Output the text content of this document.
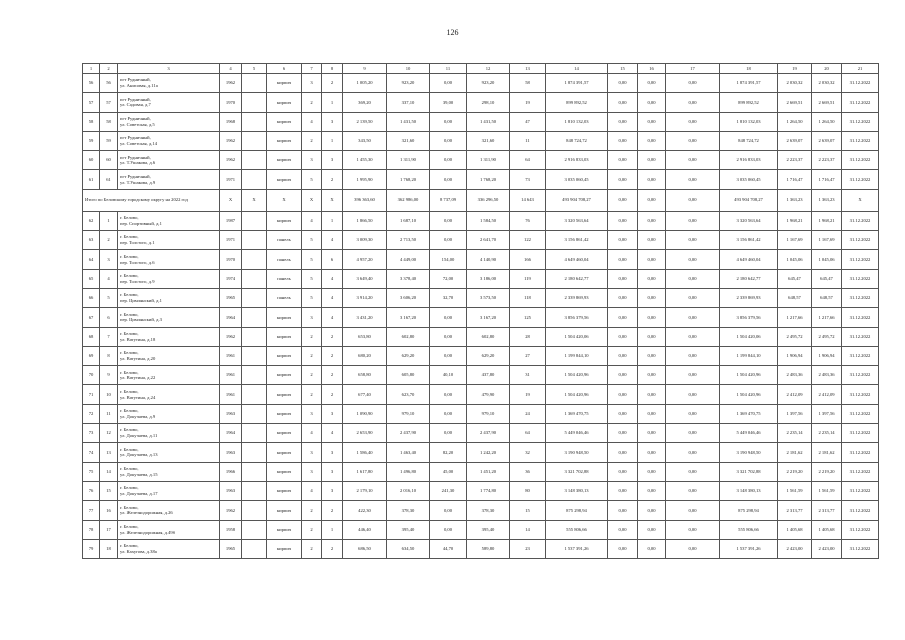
126
1	2	3	4	5	6	7	8	9	10	11	12	13	14	15	16	17	18	19	20	21
56	56	пгт Рудничный,
ул. Анисовая, д.11а	1962		кирпич	3	2	1 005,20	923,20	0,00	923,20	58	1 874 391,57	0,00	0,00	0,00	1 874 391,57	2 030,32	2 030,32	31.12.2022
57	57	пгт Рудничный,
ул. Садовая, д.7	1970		кирпич	2	1	369,20	337,10	39,00	298,10	19	899 892,52	0,00	0,00	0,00	899 892,52	2 669,51	2 669,51	31.12.2022
58	58	пгт Рудничный,
ул. Советская, д.5	1968		кирпич	4	3	2 139,50	1 431,50	0,00	1 431,50	47	1 810 132,03	0,00	0,00	0,00	1 810 132,03	1 264,50	1 264,50	31.12.2022
59	59	пгт Рудничный,
ул. Советская, д.14	1962		кирпич	2	1	343,50	321,60	0,00	321,60	11	848 724,72	0,00	0,00	0,00	848 724,72	2 639,07	2 639,07	31.12.2022
60	60	пгт Рудничный,
ул. Т.Ушакова, д.6	1962		кирпич	3	3	1 455,30	1 311,90	0,00	1 311,90	64	2 916 833,03	0,00	0,00	0,00	2 916 833,03	2 223,37	2 223,37	31.12.2022
61	61	пгт Рудничный,
ул. Т.Ушакова, д.9	1971		кирпич	5	2	1 995,90	1 768,20	0,00	1 768,20	73	3 035 060,45	0,00	0,00	0,00	3 035 060,45	1 716,47	1 716,47	31.12.2022
Итого по Беловскому городскому округу на 2022 год			X	X	X	X	X	396 363,60	362 986,00	8 737,09	336 296,50	14 643	493 904 708,27	0,00	0,00	0,00	493 904 708,27	1 363,23	1 363,23	X
62	1	г. Белово,
пер. Спортивный, д.1	1987		кирпич	4	1	1 866,50	1 687,10	0,00	1 584,50	76	3 320 563,64	0,00	0,00	0,00	3 320 563,64	1 968,21	1 968,21	31.12.2022
63	2	г. Белово,
пер. Толстого, д.1	1971		панель	5	4	3 009,30	2 713,50	0,00	2 641,70	122	3 156 861,42	0,00	0,00	0,00	3 156 861,42	1 167,69	1 167,69	31.12.2022
64	3	г. Белово,
пер. Толстого, д.6	1970		панель	5	6	4 957,20	4 449,00	154,00	4 140,90	166	4 649 460,04	0,00	0,00	0,00	4 649 460,04	1 045,06	1 045,06	31.12.2022
65	4	г. Белово,
пер. Толстого, д.9	1974		панель	5	4	3 649,40	3 378,40	72,00	3 186,00	119	2 180 642,77	0,00	0,00	0,00	2 180 642,77	645,47	645,47	31.12.2022
66	5	г. Белово,
пер. Цимлянский, д.1	1965		панель	5	4	3 914,20	3 606,20	32,70	3 573,50	118	2 339 869,93	0,00	0,00	0,00	2 339 869,93	648,57	648,57	31.12.2022
67	6	г. Белово,
пер. Цимлянский, д.3	1964		кирпич	3	4	3 431,20	3 167,20	0,00	3 167,20	125	3 856 379,56	0,00	0,00	0,00	3 856 379,56	1 217,66	1 217,66	31.12.2022
68	7	г. Белово,
ул. Ватутина, д.18	1962		кирпич	2	2	653,80	602,80	0,00	602,80	28	1 504 420,06	0,00	0,00	0,00	1 504 420,06	2 495,72	2 495,72	31.12.2022
69	8	г. Белово,
ул. Ватутина, д.20	1961		кирпич	2	2	680,20	629,20	0,00	629,20	27	1 199 844,10	0,00	0,00	0,00	1 199 844,10	1 906,94	1 906,94	31.12.2022
70	9	г. Белово,
ул. Ватутина, д.22	1961		кирпич	2	2	658,80	605,80	40,10	437,80	31	1 504 420,96	0,00	0,00	0,00	1 504 420,96	2 483,36	2 483,36	31.12.2022
71	10	г. Белово,
ул. Ватутина, д.24	1961		кирпич	2	2	677,40	623,70	0,00	479,90	19	1 504 420,96	0,00	0,00	0,00	1 504 420,96	2 412,09	2 412,09	31.12.2022
72	11	г. Белово,
ул. Докучаева, д.9	1963		кирпич	3	3	1 090,90	979,10	0,00	979,10	24	1 369 470,75	0,00	0,00	0,00	1 369 470,75	1 397,56	1 397,56	31.12.2022
73	12	г. Белово,
ул. Докучаева, д.11	1964		кирпич	4	4	2 653,90	2 437,90	0,00	2 437,90	64	5 449 046,46	0,00	0,00	0,00	5 449 046,46	2 235,14	2 235,14	31.12.2022
74	13	г. Белово,
ул. Докучаева, д.13	1963		кирпич	3	3	1 586,40	1 463,40	82,20	1 242,20	32	3 190 948,50	0,00	0,00	0,00	3 190 948,50	2 181,62	2 181,62	31.12.2022
75	14	г. Белово,
ул. Докучаева, д.15	1966		кирпич	3	3	1 617,80	1 496,80	45,00	1 451,20	36	3 321 702,88	0,00	0,00	0,00	3 321 702,88	2 219,20	2 219,20	31.12.2022
76	15	г. Белово,
ул. Докучаева, д.17	1963		кирпич	4	3	2 179,10	2 016,10	241,30	1 774,80	80	3 148 380,13	0,00	0,00	0,00	3 148 380,13	1 561,59	1 561,59	31.12.2022
77	16	г. Белово,
ул. Железнодорожная, д.26	1962		кирпич	2	2	422,30	378,30	0,00	378,30	15	875 298,94	0,00	0,00	0,00	875 298,94	2 313,77	2 313,77	31.12.2022
78	17	г. Белово,
ул. Железнодорожная, д.49б	1958		кирпич	2	1	446,40	395,40	0,00	395,40	14	555 806,66	0,00	0,00	0,00	555 806,66	1 405,68	1 405,68	31.12.2022
79	18	г. Белово,
ул. Кахугова, д.38а	1965		кирпич	2	2	686,50	634,50	44,70	589,80	23	1 537 391,26	0,00	0,00	0,00	1 537 391,26	2 423,00	2 423,00	31.12.2022
